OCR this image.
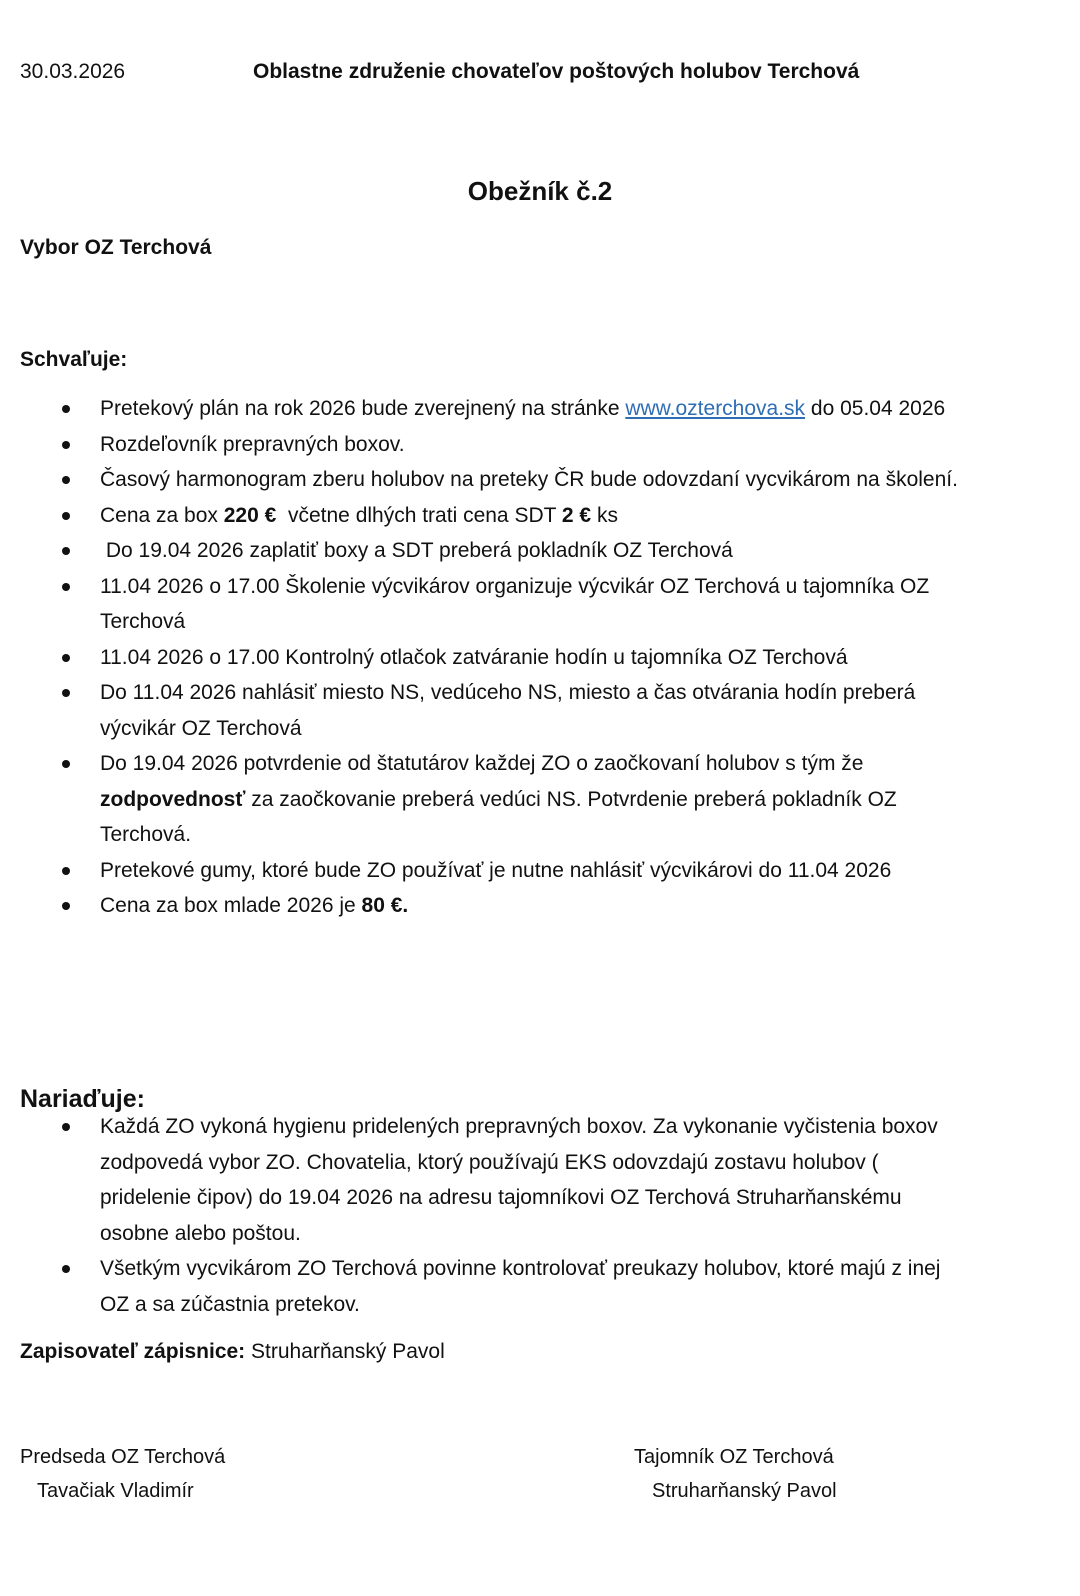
30.03.2026	Oblastne združenie chovateľov poštových holubov Terchová
Obežník č.2
Vybor OZ Terchová
Schvaľuje:
Pretekový plán na rok 2026 bude zverejnený na stránke www.ozterchova.sk do 05.04 2026
Rozdeľovník prepravných boxov.
Časový harmonogram zberu holubov na preteky ČR bude odovzdaní vycvikárom na školení.
Cena za box 220 €  včetne dlhých trati cena SDT 2 € ks
Do 19.04 2026 zaplatiť boxy a SDT preberá pokladník OZ Terchová
11.04 2026 o 17.00 Školenie výcvikárov organizuje výcvikár OZ Terchová u tajomníka OZ Terchová
11.04 2026 o 17.00 Kontrolný otlačok zatváranie hodín u tajomníka OZ Terchová
Do 11.04 2026 nahlásiť miesto NS, vedúceho NS, miesto a čas otvárania hodín preberá výcvikár OZ Terchová
Do 19.04 2026 potvrdenie od štatutárov každej ZO o zaočkovaní holubov s tým že zodpovednosť za zaočkovanie preberá vedúci NS. Potvrdenie preberá pokladník OZ Terchová.
Pretekové gumy, ktoré bude ZO používať je nutne nahlásiť výcvikárovi do 11.04 2026
Cena za box mlade 2026 je 80 €.
Nariaďuje:
Každá ZO vykoná hygienu pridelených prepravných boxov. Za vykonanie vyčistenia boxov zodpovedá vybor ZO. Chovatelia, ktorý používajú EKS odovzdajú zostavu holubov ( pridelenie čipov) do 19.04 2026 na adresu tajomníkovi OZ Terchová Struharňanskému osobne alebo poštou.
Všetkým vycvikárom ZO Terchová povinne kontrolovať preukazy holubov, ktoré majú z inej OZ a sa zúčastnia pretekov.
Zapisovateľ zápisnice: Struharňanský Pavol
Predseda OZ Terchová
Tavačiak Vladimír
Tajomník OZ Terchová
Struharňanský Pavol
